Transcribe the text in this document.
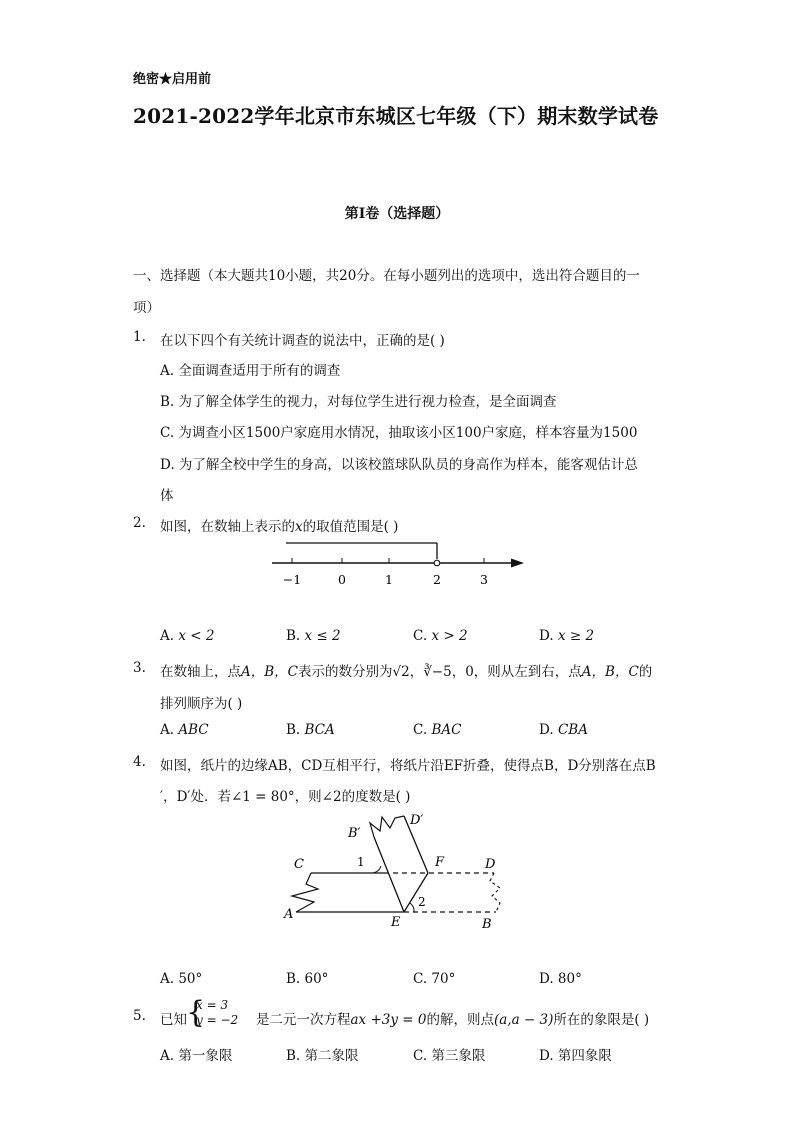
绝密★启用前
2021-2022学年北京市东城区七年级（下）期末数学试卷
第I卷（选择题）
一、选择题（本大题共10小题，共20分。在每小题列出的选项中，选出符合题目的一
项）
1. 在以下四个有关统计调查的说法中，正确的是( )
A. 全面调查适用于所有的调查
B. 为了解全体学生的视力，对每位学生进行视力检查，是全面调查
C. 为调查小区1500户家庭用水情况，抽取该小区100户家庭，样本容量为1500
D. 为了解全校中学生的身高，以该校篮球队队员的身高作为样本，能客观估计总
体
2. 如图，在数轴上表示的x的取值范围是( )
−1	0	1	2	3
A. x < 2	B. x ≤ 2	C. x > 2	D. x ≥ 2
3. 在数轴上，点A，B，C表示的数分别为√2，∛−5，0，则从左到右，点A，B，C的
排列顺序为( )
A. ABC	B. BCA	C. BAC	D. CBA
4. 如图，纸片的边缘AB，CD互相平行，将纸片沿EF折叠，使得点B，D分别落在点B
′，D′处．若∠1 = 80°，则∠2的度数是( )
B′
D′
C	1	F	D
2
A
E	B
A. 50°	B. 60°	C. 70°	D. 80°
5. 已知 {
x = 3
y = −2 是二元一次方程ax +3y = 0的解，则点(a,a − 3)所在的象限是( )
A. 第一象限	B. 第二象限	C. 第三象限	D. 第四象限
